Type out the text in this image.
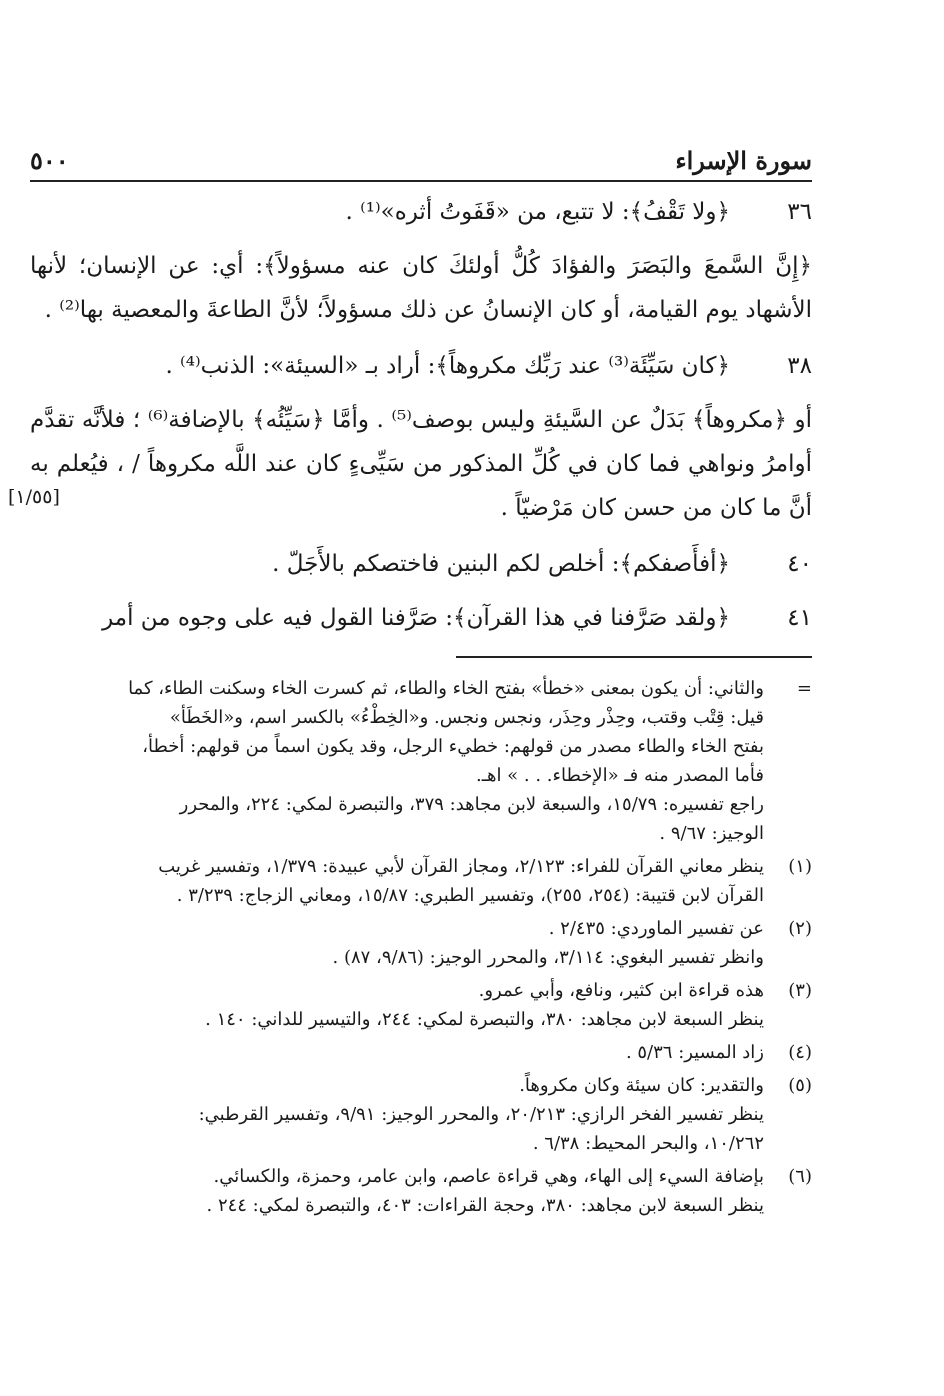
سورة الإسراء
٥٠٠
٣٦
﴿ولا تَقْفُ﴾: لا تتبع، من «قَفَوتُ أثره»⁽¹⁾ .

﴿إِنَّ السَّمعَ والبَصَرَ والفؤادَ كُلُّ أولئكَ كان عنه مسؤولاً﴾: أي: عن الإنسان؛ لأنها الأشهاد يوم القيامة، أو كان الإنسانُ عن ذلك مسؤولاً؛ لأنَّ الطاعةَ والمعصية بها⁽²⁾ .

٣٨
﴿كان سَيِّئَة⁽³⁾ عند رَبِّك مكروهاً﴾: أراد بـ «السيئة»: الذنب⁽⁴⁾ .
[١/٥٥]

أو ﴿مكروهاً﴾ بَدَلٌ عن السَّيئةِ وليس بوصف⁽⁵⁾ . وأمَّا ﴿سَيِّئُه﴾ بالإضافة⁽⁶⁾ ؛ فلأنَّه تقدَّم أوامرُ ونواهي فما كان في كُلِّ المذكور من سَيِّىءٍ كان عند اللَّه مكروهاً / ، فيُعلم به أنَّ ما كان من حسن كان مَرْضيّاً .

٤٠
﴿أفأَصفكم﴾: أخلص لكم البنين فاختصكم بالأَجَلّ .
٤١
﴿ولقد صَرَّفنا في هذا القرآن﴾: صَرَّفنا القول فيه على وجوه من أمر
=
والثاني: أن يكون بمعنى «خطأ» بفتح الخاء والطاء، ثم كسرت الخاء وسكنت الطاء، كما
قيل: قِتْب وقتب، وحِذْر وحِذَر، ونجس ونجس. و«الخِطْءُ» بالكسر اسم، و«الخَطَأ»
بفتح الخاء والطاء مصدر من قولهم: خطيء الرجل، وقد يكون اسماً من قولهم: أخطأ،
فأما المصدر منه فـ «الإخطاء. . . » اهـ.
راجع تفسيره: ١٥/٧٩، والسبعة لابن مجاهد: ٣٧٩، والتبصرة لمكي: ٢٢٤، والمحرر
الوجيز: ٩/٦٧ .
(١)
ينظر معاني القرآن للفراء: ٢/١٢٣، ومجاز القرآن لأبي عبيدة: ١/٣٧٩، وتفسير غريب
القرآن لابن قتيبة: (٢٥٤، ٢٥٥)، وتفسير الطبري: ١٥/٨٧، ومعاني الزجاج: ٣/٢٣٩ .
(٢)
عن تفسير الماوردي: ٢/٤٣٥ .
وانظر تفسير البغوي: ٣/١١٤، والمحرر الوجيز: (٩/٨٦، ٨٧) .
(٣)
هذه قراءة ابن كثير، ونافع، وأبي عمرو.
ينظر السبعة لابن مجاهد: ٣٨٠، والتبصرة لمكي: ٢٤٤، والتيسير للداني: ١٤٠ .
(٤)
زاد المسير: ٥/٣٦ .
(٥)
والتقدير: كان سيئة وكان مكروهاً.
ينظر تفسير الفخر الرازي: ٢٠/٢١٣، والمحرر الوجيز: ٩/٩١، وتفسير القرطبي:
١٠/٢٦٢، والبحر المحيط: ٦/٣٨ .
(٦)
بإضافة السيء إلى الهاء، وهي قراءة عاصم، وابن عامر، وحمزة، والكسائي.
ينظر السبعة لابن مجاهد: ٣٨٠، وحجة القراءات: ٤٠٣، والتبصرة لمكي: ٢٤٤ .
